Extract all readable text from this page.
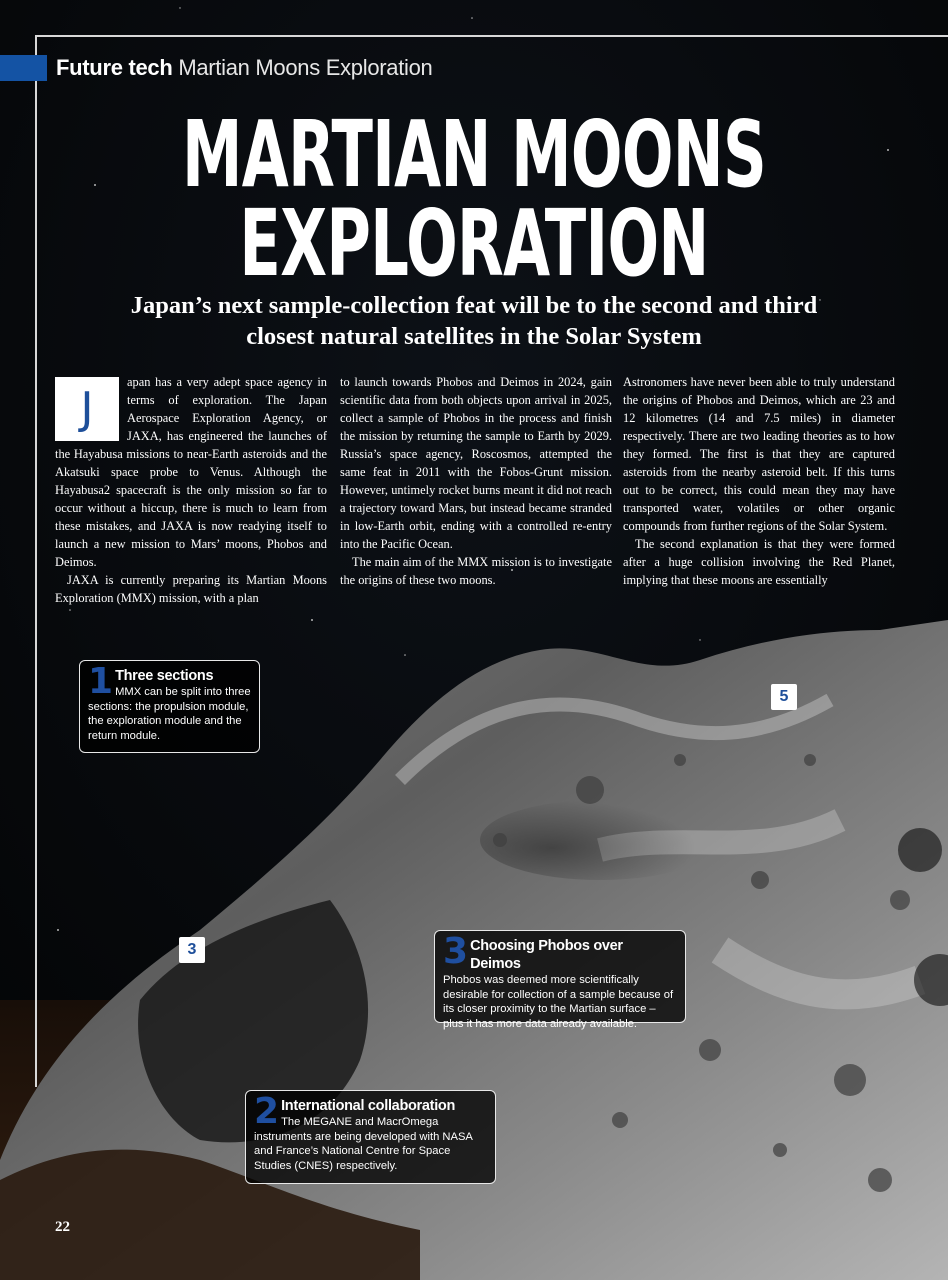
Future tech Martian Moons Exploration
MARTIAN MOONS
EXPLORATION
Japan’s next sample-collection feat will be to the second and third closest natural satellites in the Solar System

J
apan has a very adept space agency in terms of exploration. The Japan Aerospace Exploration Agency, or JAXA, has engineered the launches of the Hayabusa missions to near-Earth asteroids and the Akatsuki space probe to Venus. Although the Hayabusa2 spacecraft is the only mission so far to occur without a hiccup, there is much to learn from these mistakes, and JAXA is now readying itself to launch a new mission to Mars’ moons, Phobos and Deimos.

JAXA is currently preparing its Martian Moons Exploration (MMX) mission, with a plan

to launch towards Phobos and Deimos in 2024, gain scientific data from both objects upon arrival in 2025, collect a sample of Phobos in the process and finish the mission by returning the sample to Earth by 2029. Russia’s space agency, Roscosmos, attempted the same feat in 2011 with the Fobos-Grunt mission. However, untimely rocket burns meant it did not reach a trajectory toward Mars, but instead became stranded in low-Earth orbit, ending with a controlled re-entry into the Pacific Ocean.

The main aim of the MMX mission is to investigate the origins of these two moons.

Astronomers have never been able to truly understand the origins of Phobos and Deimos, which are 23 and 12 kilometres (14 and 7.5 miles) in diameter respectively. There are two leading theories as to how they formed. The first is that they are captured asteroids from the nearby asteroid belt. If this turns out to be correct, this could mean they may have transported water, volatiles or other organic compounds from further regions of the Solar System.

The second explanation is that they were formed after a huge collision involving the Red Planet, implying that these moons are essentially

1 Three sections
MMX can be split into three sections: the propulsion module, the exploration module and the return module.
3 Choosing Phobos over Deimos
Phobos was deemed more scientifically desirable for collection of a sample because of its closer proximity to the Martian surface – plus it has more data already available.
2 International collaboration
The MEGANE and MacrOmega instruments are being developed with NASA and France’s National Centre for Space Studies (CNES) respectively.
5
3
22
